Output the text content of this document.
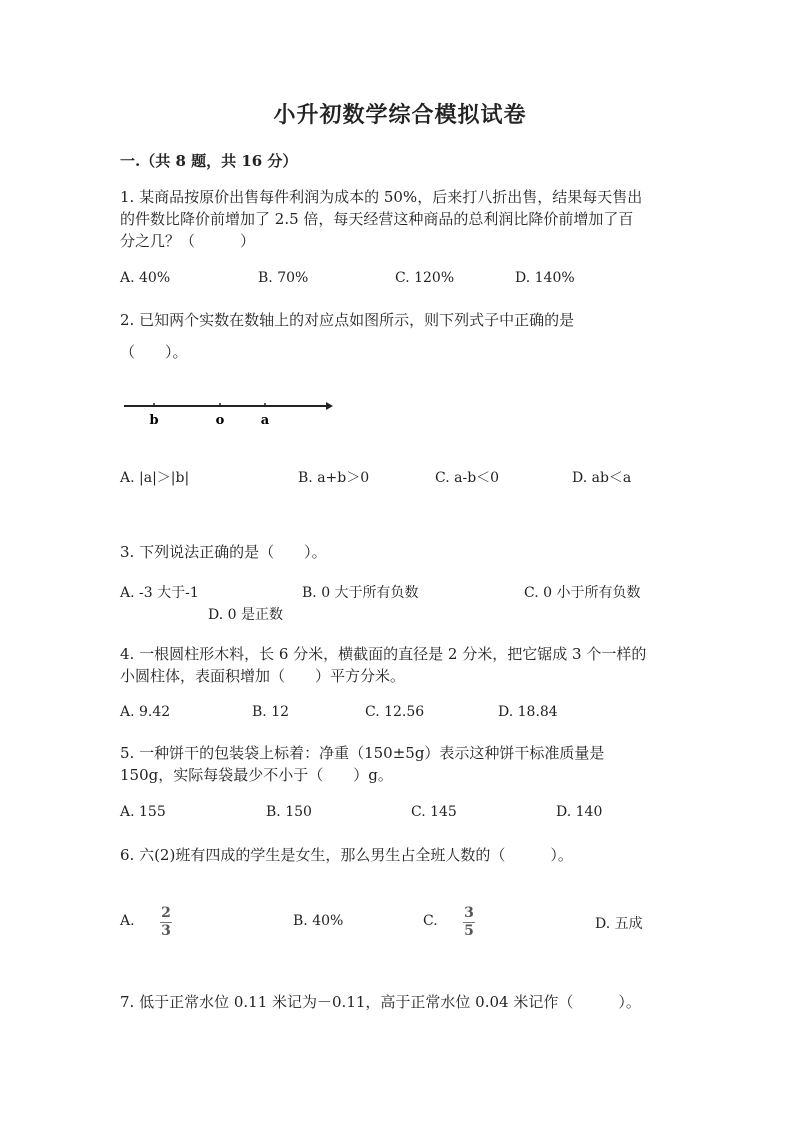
小升初数学综合模拟试卷
一.（共 8 题，共 16 分）
1. 某商品按原价出售每件利润为成本的 50%，后来打八折出售，结果每天售出
的件数比降价前增加了 2.5 倍，每天经营这种商品的总利润比降价前增加了百
分之几？（　　　）
A. 40%	B. 70%	C. 120%	D. 140%
2. 已知两个实数在数轴上的对应点如图所示，则下列式子中正确的是
（　　）。
b	o	a
A. |a|＞|b|	B. a+b＞0	C. a-b＜0	D. ab＜a
3. 下列说法正确的是（　　）。
A. -3 大于-1	B. 0 大于所有负数	C. 0 小于所有负数
D. 0 是正数
4. 一根圆柱形木料，长 6 分米，横截面的直径是 2 分米，把它锯成 3 个一样的
小圆柱体，表面积增加（　　）平方分米。
A. 9.42	B. 12	C. 12.56	D. 18.84
5. 一种饼干的包装袋上标着：净重（150±5g）表示这种饼干标准质量是
150g，实际每袋最少不小于（　　）g。
A. 155	B. 150	C. 145	D. 140
6. 六(2)班有四成的学生是女生，那么男生占全班人数的（　　　）。
A. 2
3
B. 40%	C. 3
5	D. 五成
7. 低于正常水位 0.11 米记为－0.11，高于正常水位 0.04 米记作（　　　）。
